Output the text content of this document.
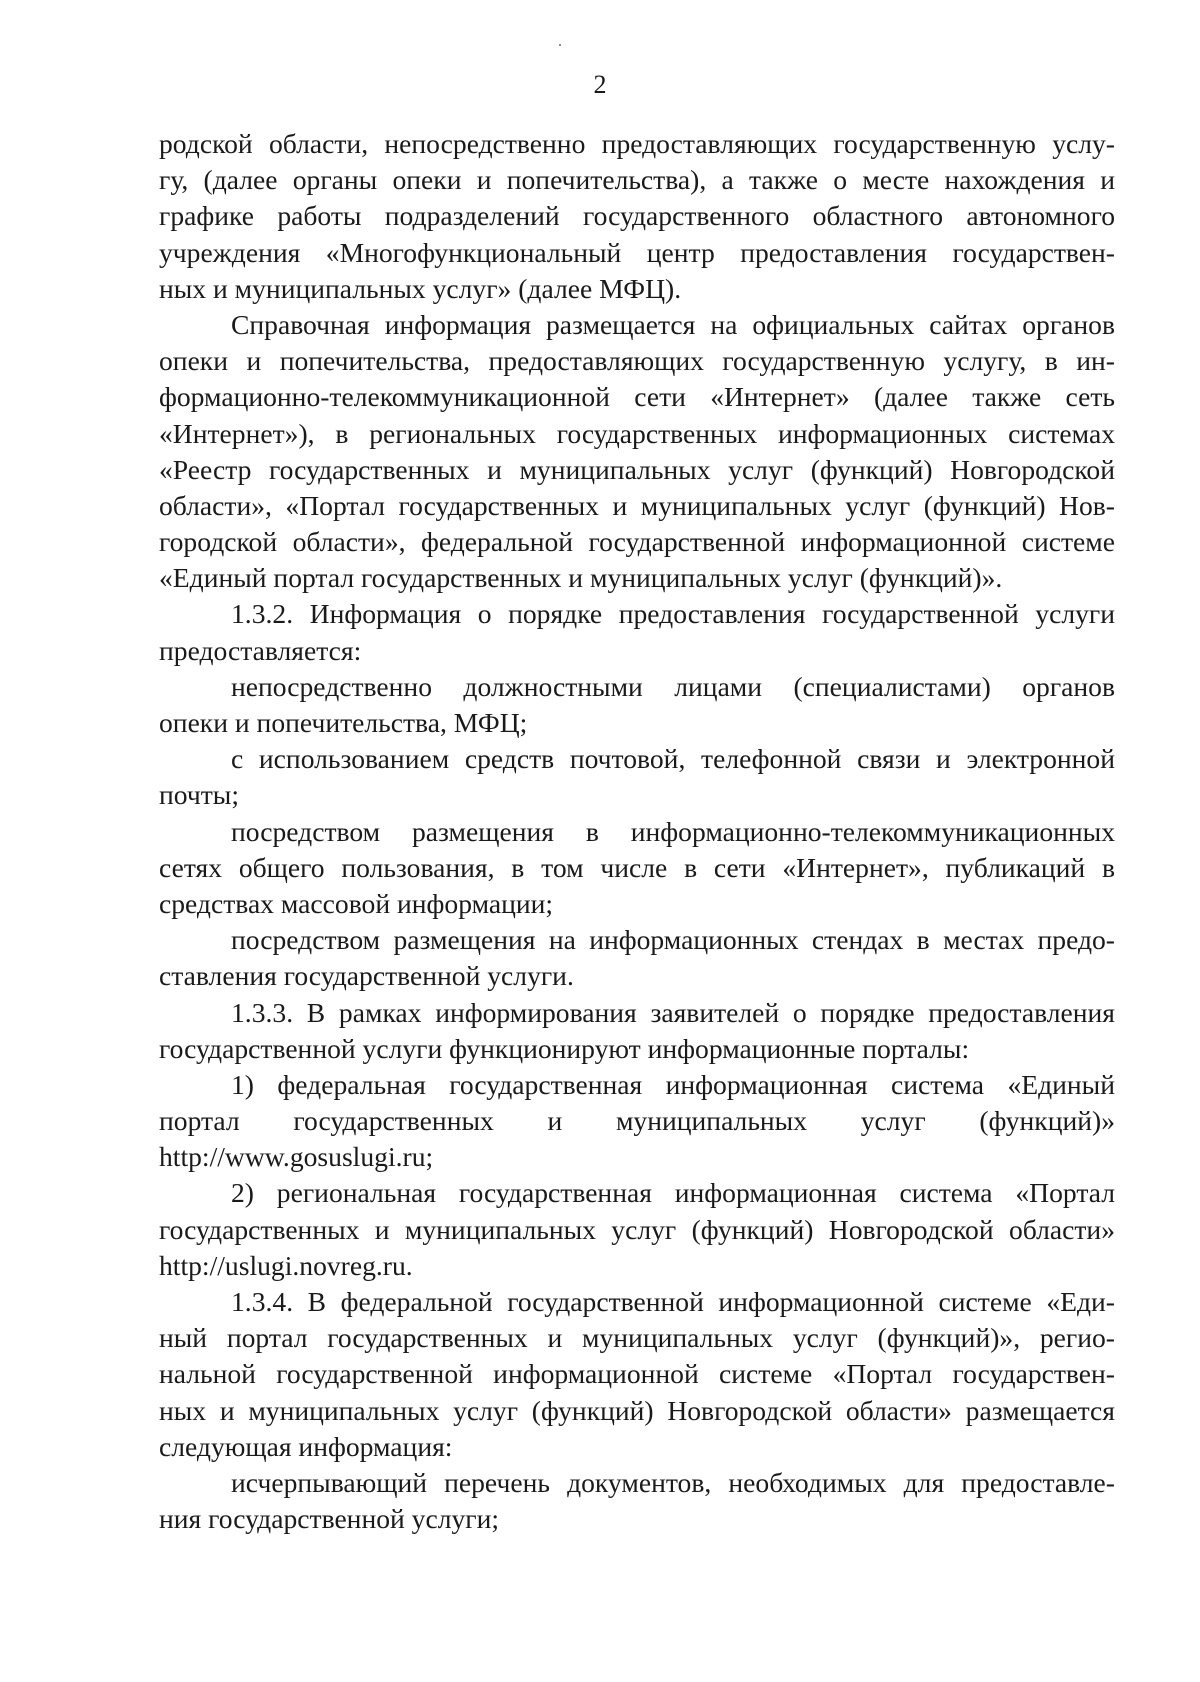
2
родской области, непосредственно предоставляющих государственную услу-
гу, (далее органы опеки и попечительства), а также о месте нахождения и
графике работы подразделений государственного областного автономного
учреждения «Многофункциональный центр предоставления государствен-
ных и муниципальных услуг» (далее МФЦ).
Справочная информация размещается на официальных сайтах органов
опеки и попечительства, предоставляющих государственную услугу, в ин-
формационно-телекоммуникационной сети «Интернет» (далее также сеть
«Интернет»), в региональных государственных информационных системах
«Реестр государственных и муниципальных услуг (функций) Новгородской
области», «Портал государственных и муниципальных услуг (функций) Нов-
городской области», федеральной государственной информационной системе
«Единый портал государственных и муниципальных услуг (функций)».
1.3.2. Информация о порядке предоставления государственной услуги
предоставляется:
непосредственно должностными лицами (специалистами) органов
опеки и попечительства, МФЦ;
с использованием средств почтовой, телефонной связи и электронной
почты;
посредством размещения в информационно-телекоммуникационных
сетях общего пользования, в том числе в сети «Интернет», публикаций в
средствах массовой информации;
посредством размещения на информационных стендах в местах предо-
ставления государственной услуги.
1.3.3. В рамках информирования заявителей о порядке предоставления
государственной услуги функционируют информационные порталы:
1) федеральная государственная информационная система «Единый
портал государственных и муниципальных услуг (функций)»
http://www.gosuslugi.ru;
2) региональная государственная информационная система «Портал
государственных и муниципальных услуг (функций) Новгородской области»
http://uslugi.novreg.ru.
1.3.4. В федеральной государственной информационной системе «Еди-
ный портал государственных и муниципальных услуг (функций)», регио-
нальной государственной информационной системе «Портал государствен-
ных и муниципальных услуг (функций) Новгородской области» размещается
следующая информация:
исчерпывающий перечень документов, необходимых для предоставле-
ния государственной услуги;
